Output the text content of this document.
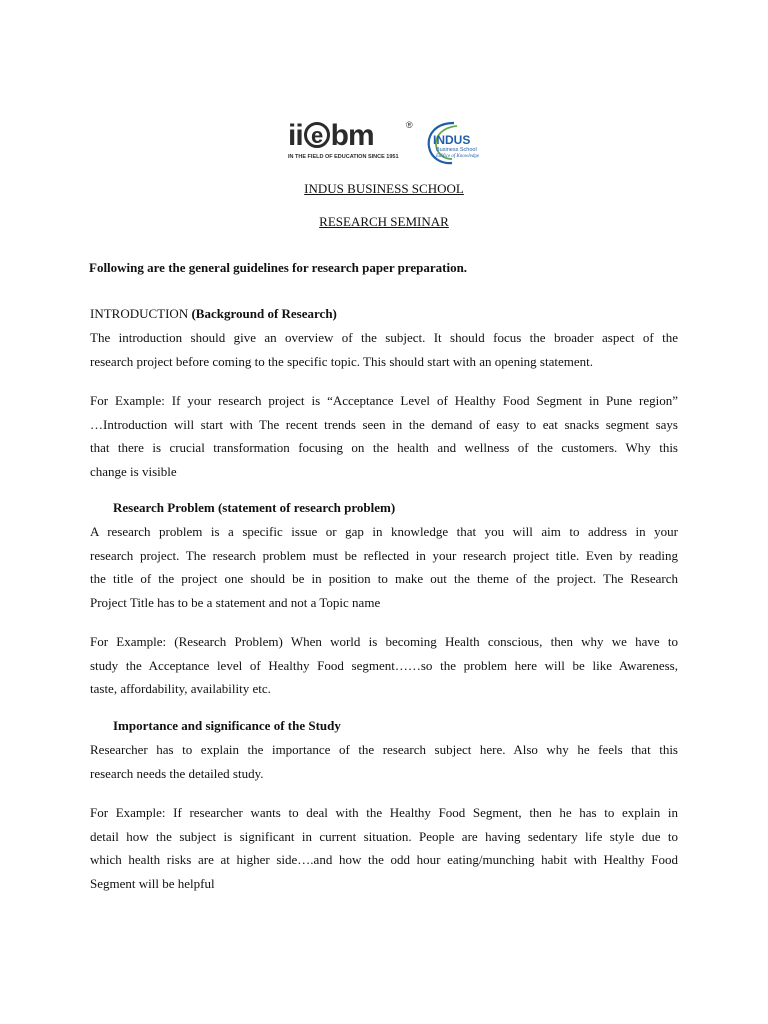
ii e bm	®
IN THE FIELD OF EDUCATION SINCE 1951
INDUS
Business School
Edifice of Knowledge
INDUS BUSINESS SCHOOL
RESEARCH SEMINAR
Following are the general guidelines for research paper preparation.
INTRODUCTION (Background of Research)
The introduction should give an overview of the subject. It should focus the broader aspect of the
research project before coming to the specific topic. This should start with an opening statement.
For Example: If your research project is “Acceptance Level of Healthy Food Segment in Pune region”
…Introduction will start with The recent trends seen in the demand of easy to eat snacks segment says
that there is crucial transformation focusing on the health and wellness of the customers. Why this
change is visible
Research Problem (statement of research problem)
A research problem is a specific issue or gap in knowledge that you will aim to address in your
research project. The research problem must be reflected in your research project title. Even by reading
the title of the project one should be in position to make out the theme of the project. The Research
Project Title has to be a statement and not a Topic name
For Example: (Research Problem) When world is becoming Health conscious, then why we have to
study the Acceptance level of Healthy Food segment……so the problem here will be like Awareness,
taste, affordability, availability etc.
Importance and significance of the Study
Researcher has to explain the importance of the research subject here. Also why he feels that this
research needs the detailed study.
For Example: If researcher wants to deal with the Healthy Food Segment, then he has to explain in
detail how the subject is significant in current situation. People are having sedentary life style due to
which health risks are at higher side….and how the odd hour eating/munching habit with Healthy Food
Segment will be helpful
